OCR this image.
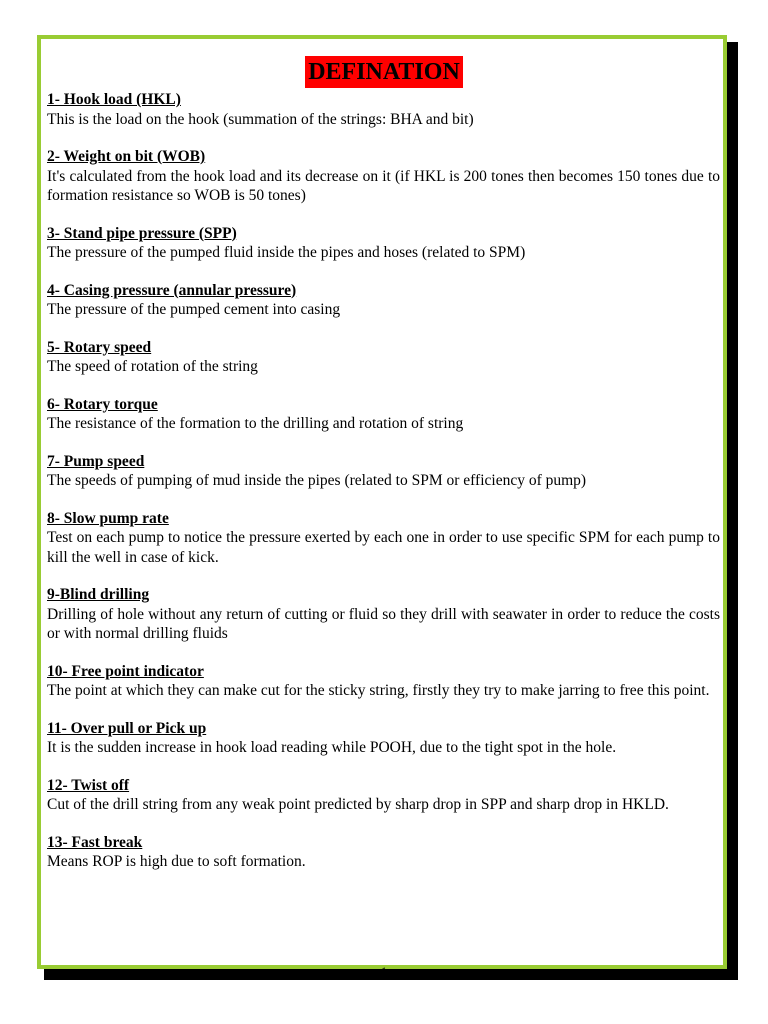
DEFINATION
1- Hook load (HKL)
This is the load on the hook (summation of the strings: BHA and bit)
2- Weight on bit (WOB)
It's calculated from the hook load and its decrease on it (if HKL is 200 tones then becomes 150 tones due to formation resistance so WOB is 50 tones)
3- Stand pipe pressure (SPP)
The pressure of the pumped fluid inside the pipes and hoses (related to SPM)
4- Casing pressure (annular pressure)
The pressure of the pumped cement into casing
5- Rotary speed
The speed of rotation of the string
6- Rotary torque
The resistance of the formation to the drilling and rotation of string
7- Pump speed
The speeds of pumping of mud inside the pipes (related to SPM or efficiency of pump)
8- Slow pump rate
Test on each pump to notice the pressure exerted by each one in order to use specific SPM for each pump to kill the well in case of kick.
9-Blind drilling
Drilling of hole without any return of cutting or fluid so they drill with seawater in order to reduce the costs or with normal drilling fluids
10- Free point indicator
The point at which they can make cut for the sticky string, firstly they try to make jarring to free this point.
11- Over pull or Pick up
It is the sudden increase in hook load reading while POOH, due to the tight spot in the hole.
12- Twist off
Cut of the drill string from any weak point predicted by sharp drop in SPP and sharp drop in HKLD.
13- Fast break
Means ROP is high due to soft formation.
1
